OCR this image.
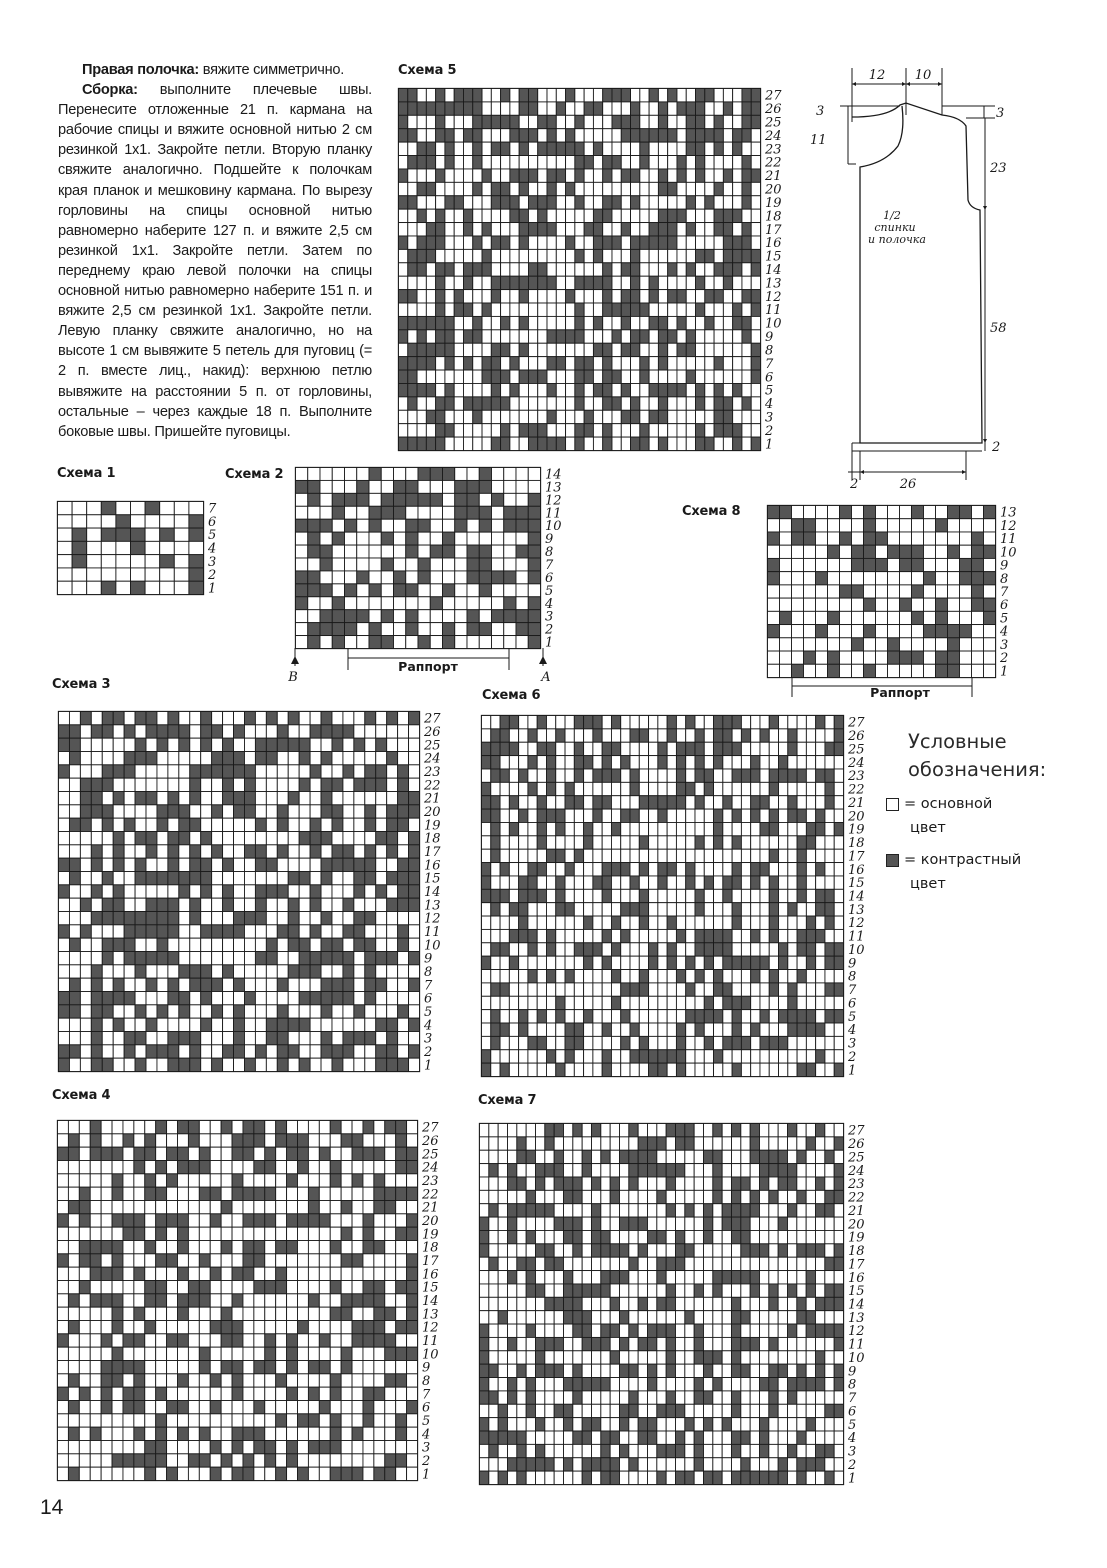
Правая полочка: вяжите симметрично.

Сборка: выполните плечевые швы. Перенесите отложенные 21 п. кармана на рабочие спицы и вяжите основной нитью 2 см резинкой 1х1. Закройте петли. Вторую планку свяжите аналогично. Подшейте к полочкам края планок и мешковину кармана. По вырезу горловины на спицы основной нитью равномерно наберите 127 п. и вяжите 2,5 см резинкой 1х1. Закройте петли. Затем по переднему краю левой полочки на спицы основной нитью равномерно наберите 151 п. и вяжите 2,5 см резинкой 1х1. Закройте петли. Левую планку свяжите аналогично, но на высоте 1 см вывяжите 5 петель для пуговиц (= 2 п. вместе лиц., накид): верхнюю петлю вывяжите на расстоянии 5 п. от горловины, остальные – через каждые 18 п. Выполните боковые швы. Пришейте пуговицы.

Схема 5
Схема 1	Схема 2
Схема 8
Схема 3
Схема 6
Схема 4	Схема 7
27
26
25
24
23
22
21
20
19
18
17
16
15
14
13
12
11
10
9
8
7
6
5
4
3
2
1
7
6
5
4
3
2
1
14
13
12
11
10
9
8
7
6
5
4
3
2
1
13
12
11
10
9
8
7
6
5
4
3
2
1
27
26
25
24
23
22
21
20
19
18
17
16
15
14
13
12
11
10
9
8
7
6
5
4
3
2
1
27
26
25
24
23
22
21
20
19
18
17
16
15
14
13
12
11
10
9
8
7
6
5
4
3
2
1
27
26
25
24
23
22
21
20
19
18
17
16
15
14
13
12
11
10
9
8
7
6
5
4
3
2
1
27
26
25
24
23
22
21
20
19
18
17
16
15
14
13
12
11
10
9
8
7
6
5
4
3
2
1
Раппорт
B	A
Раппорт
12 10
3	3
11
23
58
2
2	26
1/2
спинки
и полочка
Условные
обозначения:
= основной
цвет
= контрастный
цвет
14
